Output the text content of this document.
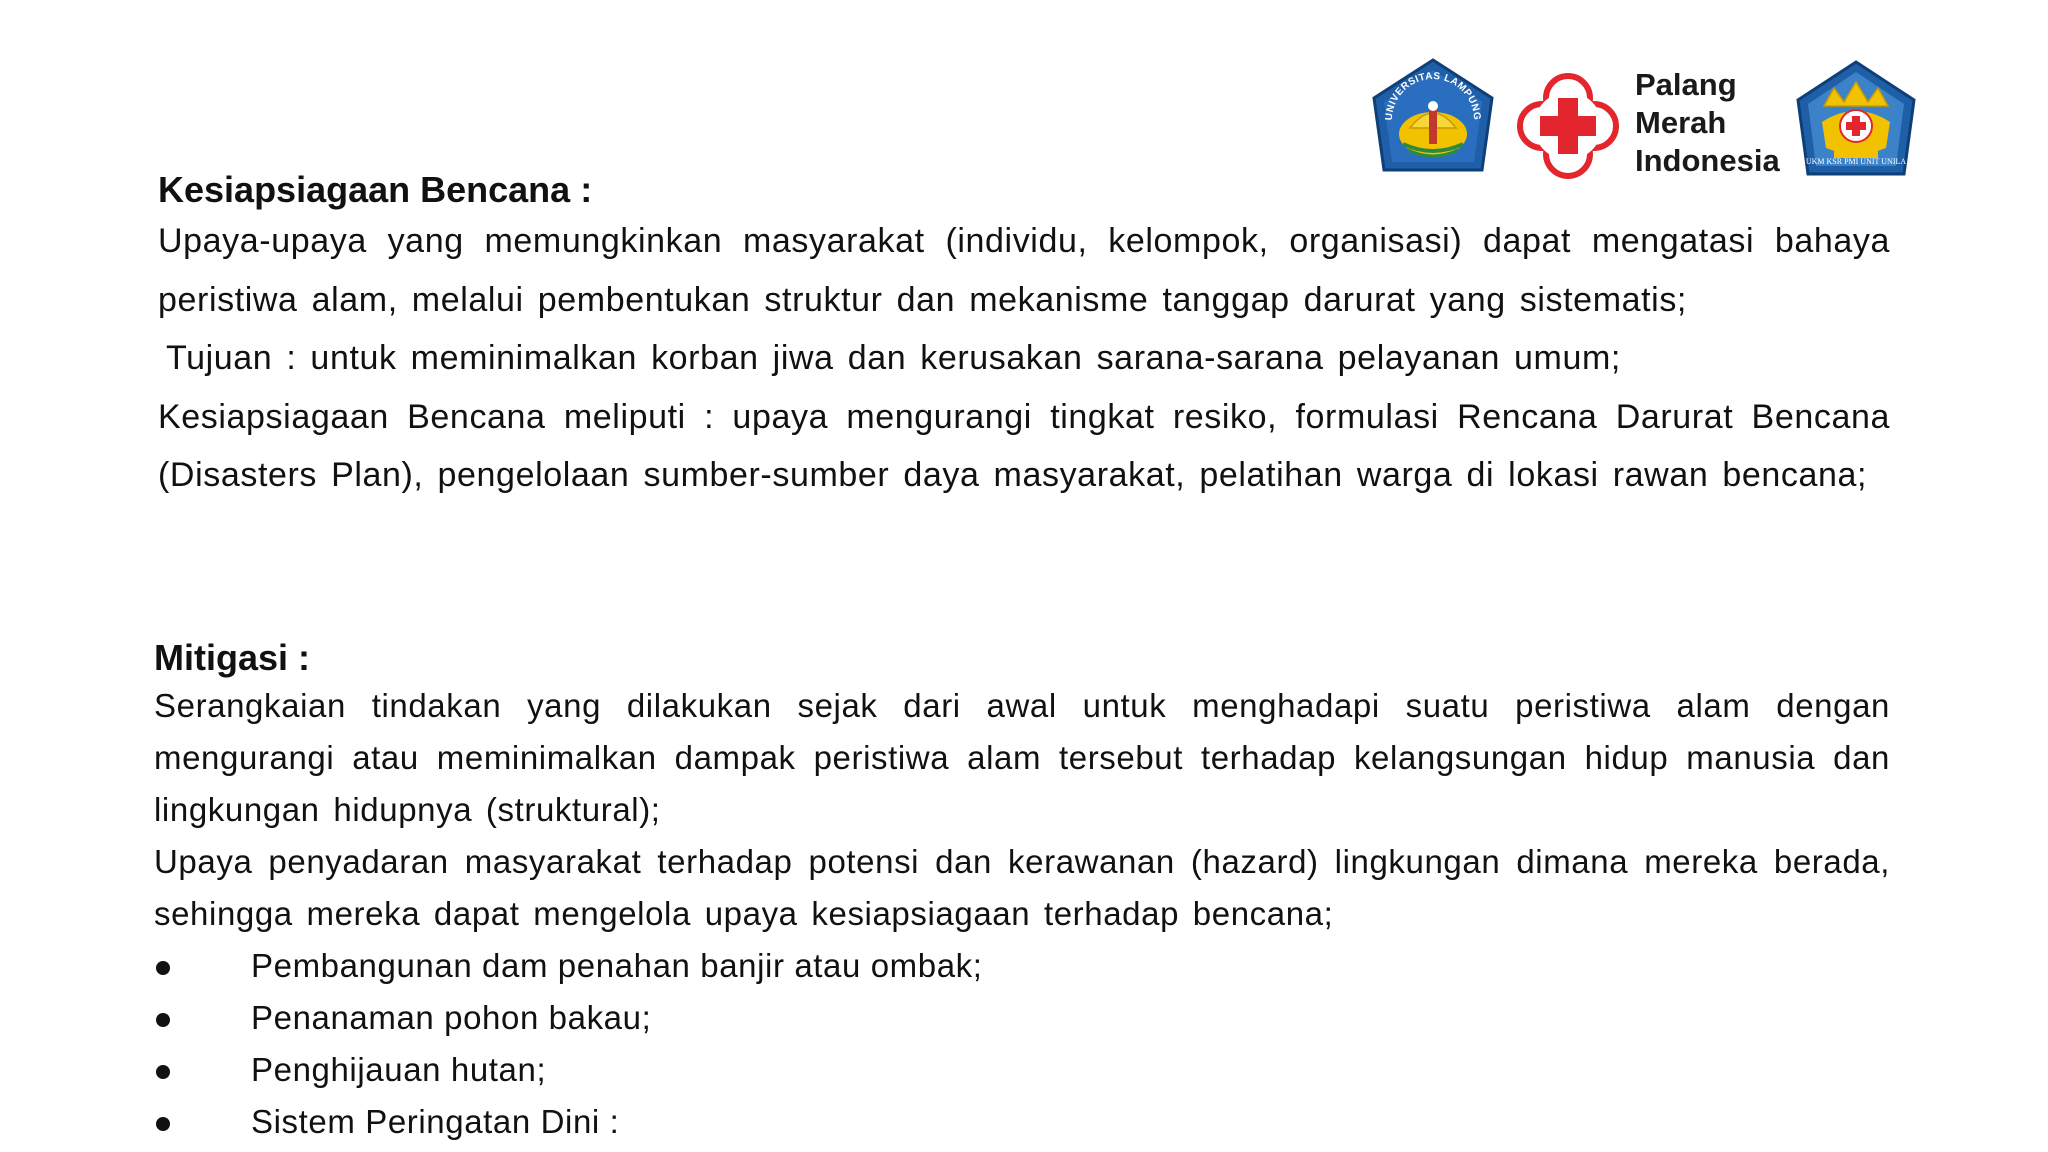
UNIVERSITAS LAMPUNG
Palang
Merah
Indonesia	UKM KSR PMI UNIT UNILA
Kesiapsiagaan Bencana :
Upaya-upaya yang memungkinkan masyarakat (individu, kelompok, organisasi) dapat mengatasi bahaya peristiwa alam, melalui pembentukan struktur dan mekanisme tanggap darurat yang sistematis;
Tujuan : untuk meminimalkan korban jiwa dan kerusakan sarana-sarana pelayanan umum;
Kesiapsiagaan Bencana meliputi : upaya mengurangi tingkat resiko, formulasi Rencana Darurat Bencana (Disasters Plan), pengelolaan sumber-sumber daya masyarakat, pelatihan warga di lokasi rawan bencana;
Mitigasi :
Serangkaian tindakan yang dilakukan sejak dari awal untuk menghadapi suatu peristiwa alam dengan mengurangi atau meminimalkan dampak peristiwa alam tersebut terhadap kelangsungan hidup manusia dan lingkungan hidupnya (struktural);
Upaya penyadaran masyarakat terhadap potensi dan kerawanan (hazard) lingkungan dimana mereka berada, sehingga mereka dapat mengelola upaya kesiapsiagaan terhadap bencana;
Pembangunan dam penahan banjir atau ombak;
Penanaman pohon bakau;
Penghijauan hutan;
Sistem Peringatan Dini :
